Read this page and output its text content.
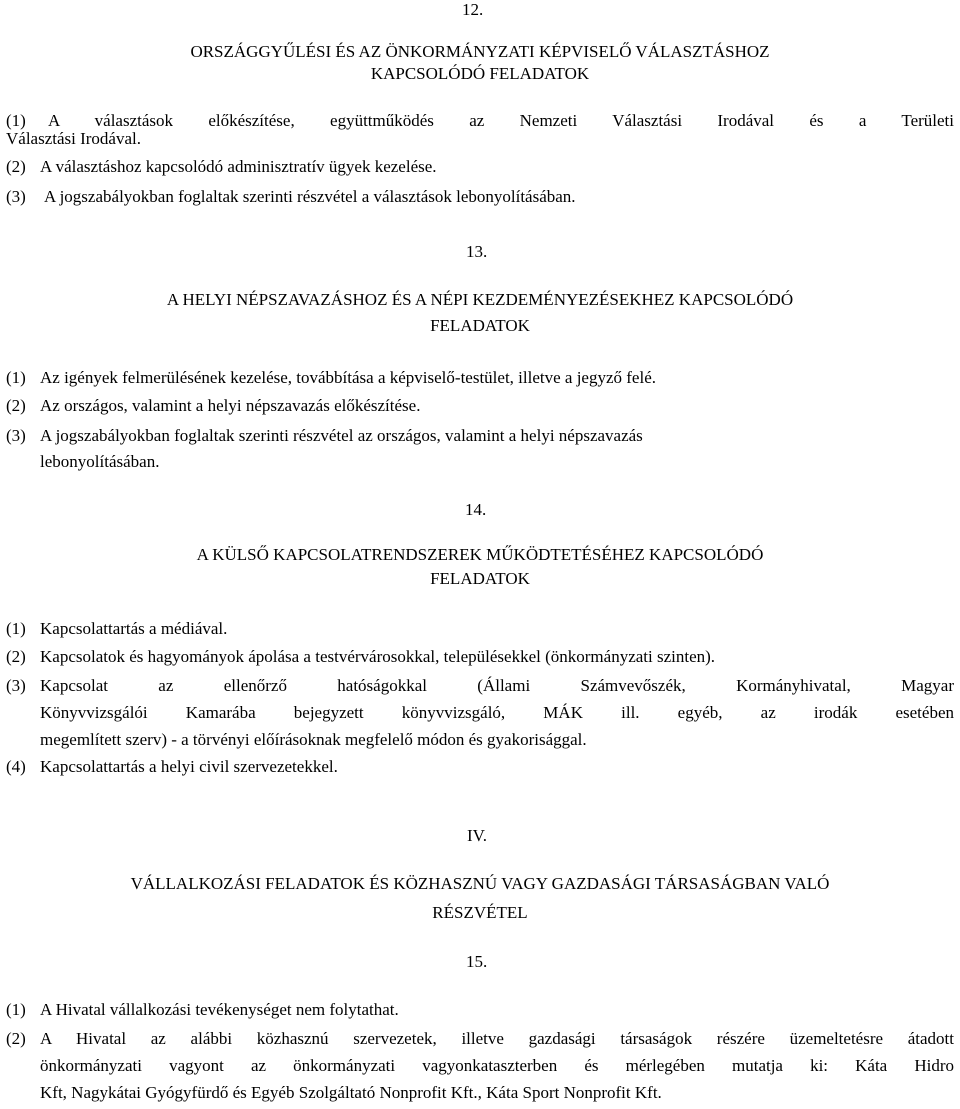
12.
ORSZÁGGYŰLÉSI ÉS AZ ÖNKORMÁNYZATI KÉPVISELŐ VÁLASZTÁSHOZ
KAPCSOLÓDÓ FELADATOK
(1) A választások előkészítése, együttműködés az Nemzeti Választási Irodával és a Területi
Választási Irodával.
(2) A választáshoz kapcsolódó adminisztratív ügyek kezelése.
(3) A jogszabályokban foglaltak szerinti részvétel a választások lebonyolításában.
13.
A HELYI NÉPSZAVAZÁSHOZ ÉS A NÉPI KEZDEMÉNYEZÉSEKHEZ KAPCSOLÓDÓ
FELADATOK
(1) Az igények felmerülésének kezelése, továbbítása a képviselő-testület, illetve a jegyző felé.
(2) Az országos, valamint a helyi népszavazás előkészítése.
(3) A jogszabályokban foglaltak szerinti részvétel az országos, valamint a helyi népszavazás
lebonyolításában.
14.
A KÜLSŐ KAPCSOLATRENDSZEREK MŰKÖDTETÉSÉHEZ KAPCSOLÓDÓ
FELADATOK
(1) Kapcsolattartás a médiával.
(2) Kapcsolatok és hagyományok ápolása a testvérvárosokkal, településekkel (önkormányzati szinten).
(3) Kapcsolat az ellenőrző hatóságokkal (Állami Számvevőszék, Kormányhivatal, Magyar
Könyvvizsgálói Kamarába bejegyzett könyvvizsgáló, MÁK ill. egyéb, az irodák esetében
megemlített szerv) - a törvényi előírásoknak megfelelő módon és gyakorisággal.
(4) Kapcsolattartás a helyi civil szervezetekkel.
IV.
VÁLLALKOZÁSI FELADATOK ÉS KÖZHASZNÚ VAGY GAZDASÁGI TÁRSASÁGBAN VALÓ
RÉSZVÉTEL
15.
(1) A Hivatal vállalkozási tevékenységet nem folytathat.
(2) A Hivatal az alábbi közhasznú szervezetek, illetve gazdasági társaságok részére üzemeltetésre átadott
önkormányzati vagyont az önkormányzati vagyonkataszterben és mérlegében mutatja ki: Káta Hidro
Kft, Nagykátai Gyógyfürdő és Egyéb Szolgáltató Nonprofit Kft., Káta Sport Nonprofit Kft.
